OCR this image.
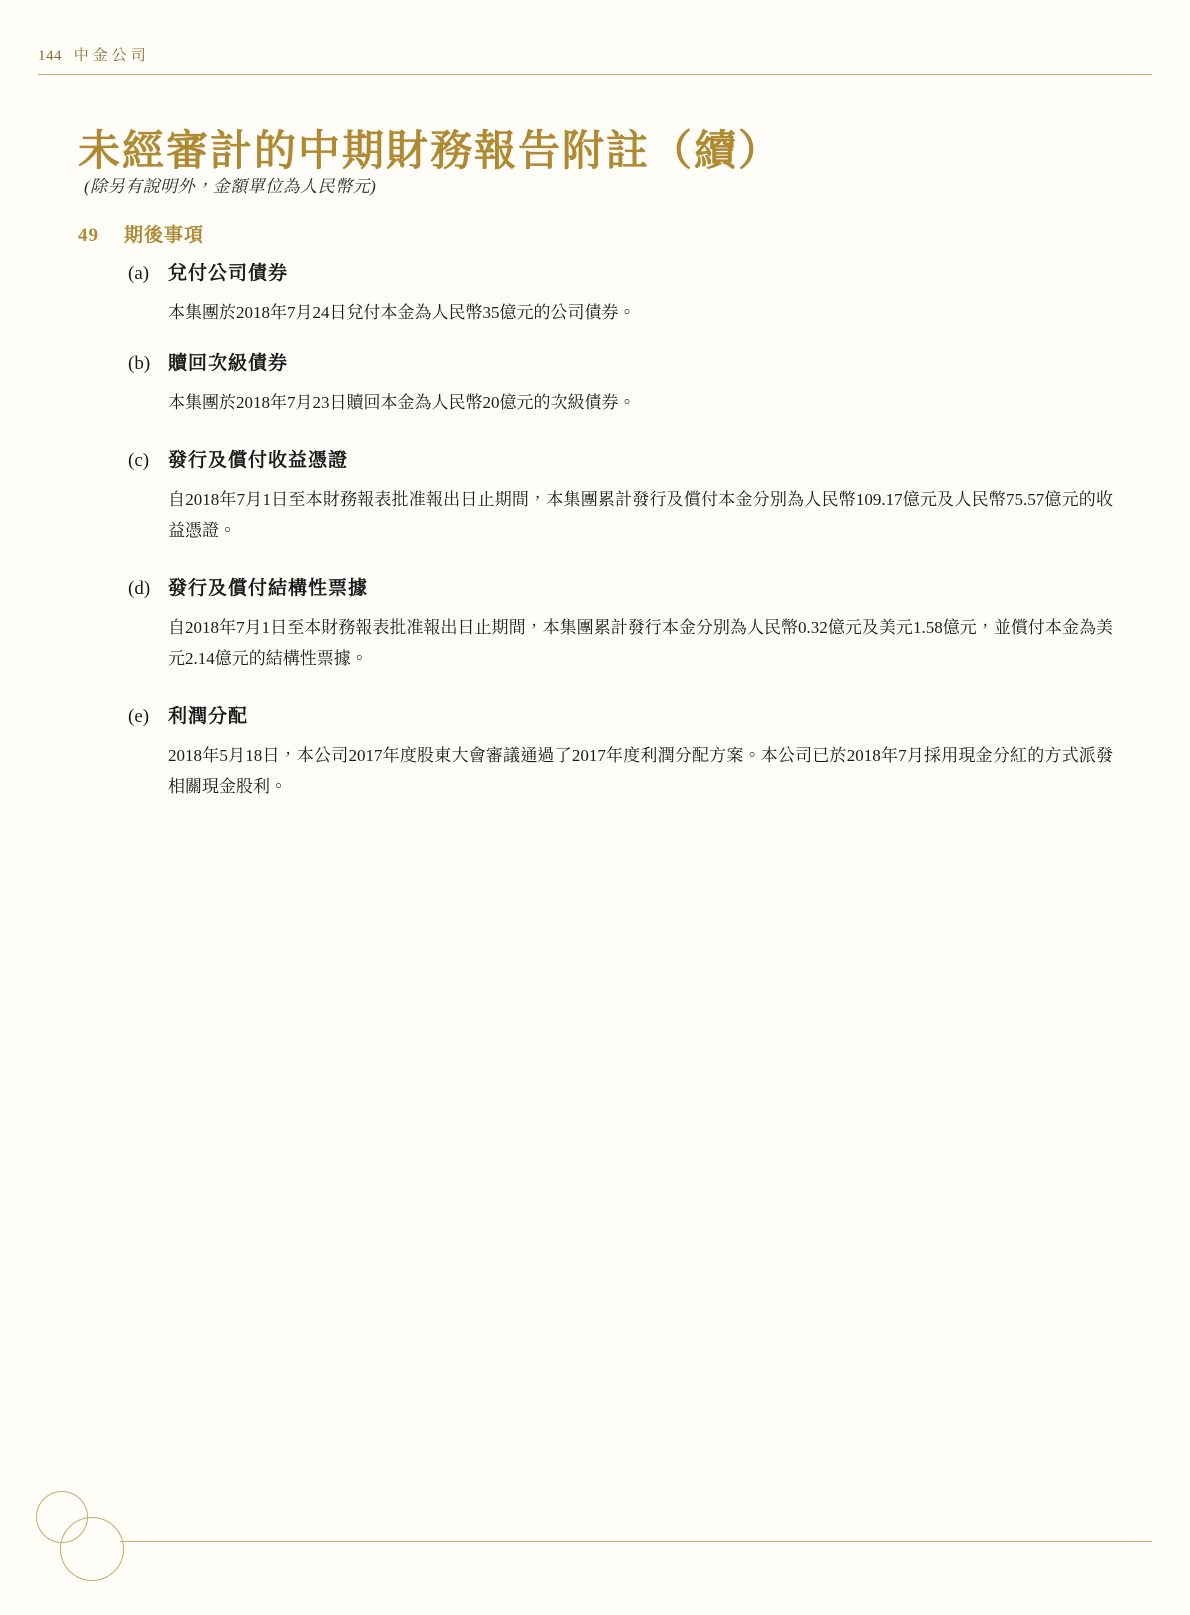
144 中金公司
未經審計的中期財務報告附註（續）
(除另有說明外，金額單位為人民幣元)
49 期後事項
(a) 兌付公司債券
本集團於2018年7月24日兌付本金為人民幣35億元的公司債券。
(b) 贖回次級債券
本集團於2018年7月23日贖回本金為人民幣20億元的次級債券。
(c) 發行及償付收益憑證
自2018年7月1日至本財務報表批准報出日止期間，本集團累計發行及償付本金分別為人民幣109.17億元及人民幣75.57億元的收益憑證。
(d) 發行及償付結構性票據
自2018年7月1日至本財務報表批准報出日止期間，本集團累計發行本金分別為人民幣0.32億元及美元1.58億元，並償付本金為美元2.14億元的結構性票據。
(e) 利潤分配
2018年5月18日，本公司2017年度股東大會審議通過了2017年度利潤分配方案。本公司已於2018年7月採用現金分紅的方式派發相關現金股利。
